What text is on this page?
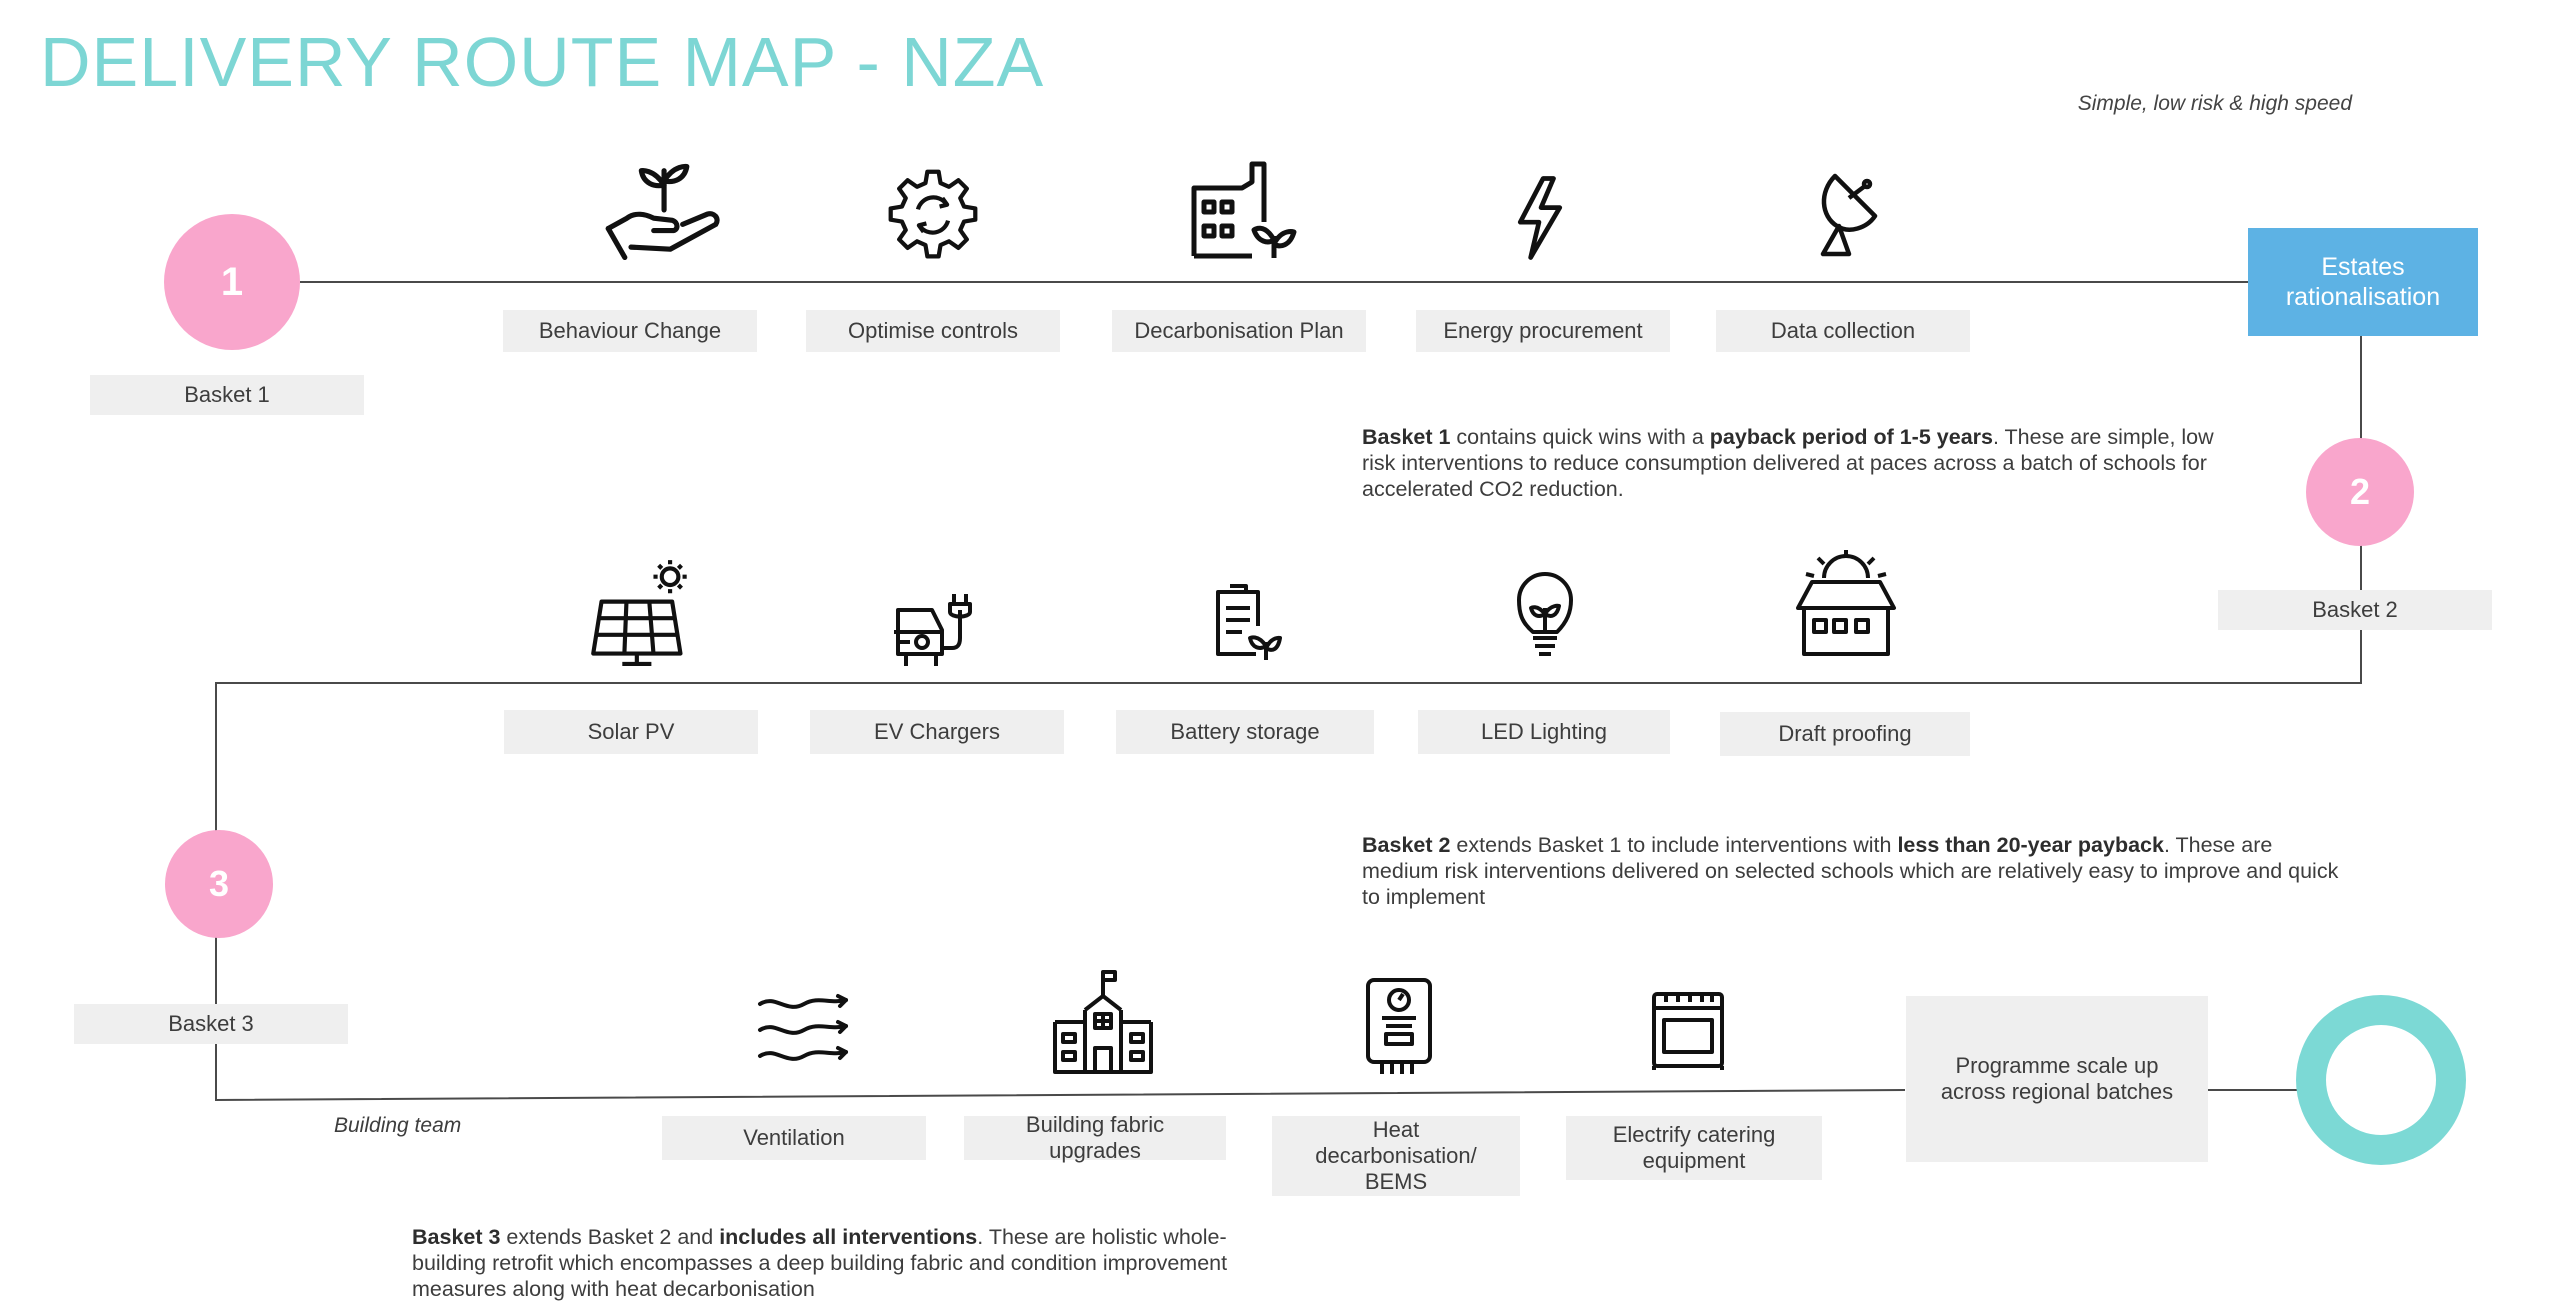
DELIVERY ROUTE MAP - NZA
Simple, low risk & high speed
1
2
3
Estates rationalisation
Basket 1
Basket 2
Basket 3
Behaviour Change	Optimise controls	Decarbonisation Plan	Energy procurement	Data collection
Basket 1 contains quick wins with a payback period of 1-5 years. These are simple, low risk interventions to reduce consumption delivered at paces across a batch of schools for accelerated CO2 reduction.
Solar PV	EV Chargers	Battery storage	LED Lighting	Draft proofing
Basket 2 extends Basket 1 to include interventions with less than 20-year payback. These are medium risk interventions delivered on selected schools which are relatively easy to improve and quick to implement
Ventilation
Building fabric upgrades
Heat decarbonisation/ BEMS
Electrify catering equipment
Programme scale up across regional batches
Building team
Basket 3 extends Basket 2 and includes all interventions. These are holistic whole-building retrofit which encompasses a deep building fabric and condition improvement measures along with heat decarbonisation
